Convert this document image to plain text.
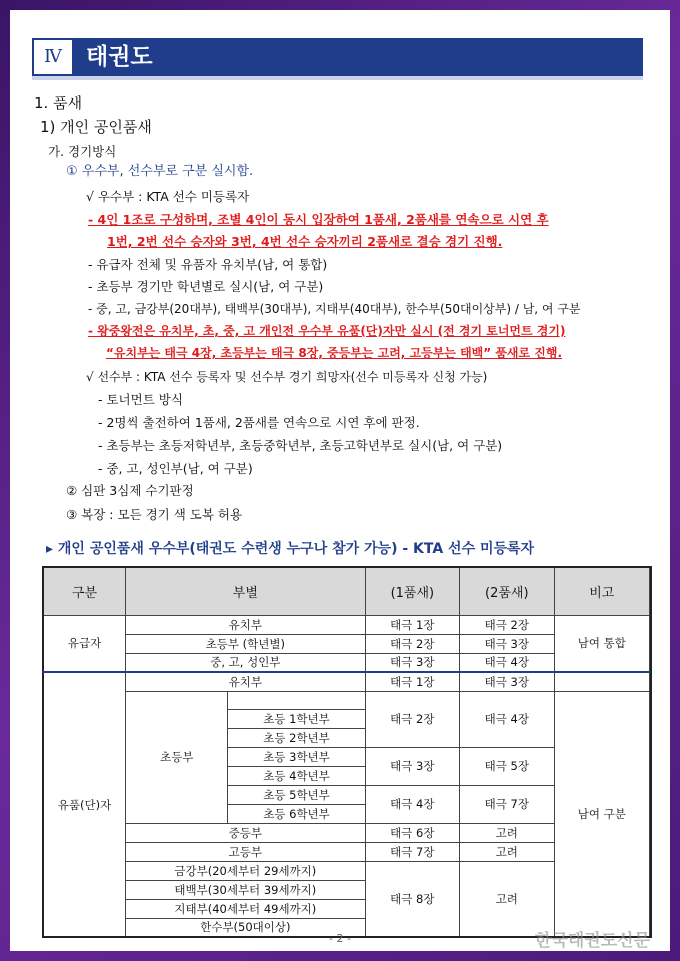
Ⅳ	태권도
1. 품새
1) 개인 공인품새
가. 경기방식
① 우수부, 선수부로 구분 실시함.
√ 우수부 : KTA 선수 미등록자
- 4인 1조로 구성하며, 조별 4인이 동시 입장하여 1품새, 2품새를 연속으로 시연 후
1번, 2번 선수 승자와 3번, 4번 선수 승자끼리 2품새로 결승 경기 진행.
- 유급자 전체 및 유품자 유치부(남, 여 통합)
- 초등부 경기만 학년별로 실시(남, 여 구분)
- 중, 고, 금강부(20대부), 태백부(30대부), 지태부(40대부), 한수부(50대이상부) / 남, 여 구분
- 왕중왕전은 유치부, 초, 중, 고 개인전 우수부 유품(단)자만 실시 (전 경기 토너먼트 경기)
“유치부는 태극 4장, 초등부는 태극 8장, 중등부는 고려, 고등부는 태백” 품새로 진행.
√ 선수부 : KTA 선수 등록자 및 선수부 경기 희망자(선수 미등록자 신청 가능)
- 토너먼트 방식
- 2명씩 출전하여 1품새, 2품새를 연속으로 시연 후에 판정.
- 초등부는 초등저학년부, 초등중학년부, 초등고학년부로 실시(남, 여 구분)
- 중, 고, 성인부(남, 여 구분)
② 심판 3심제 수기판정
③ 복장 : 모든 경기 색 도복 허용
▸ 개인 공인품새 우수부(태권도 수련생 누구나 참가 가능) - KTA 선수 미등록자
구분	부별		(1품새)	(2품새)	비고	
유급자	유치부		태극 1장	태극 2장	남여 통합	
	초등부 (학년별)		태극 2장	태극 3장		
	중, 고, 성인부		태극 3장	태극 4장		
유품(단)자	유치부		태극 1장	태극 3장		
	초등부		태극 2장	태극 4장	남여 구분	
		초등 1학년부				
		초등 2학년부				
		초등 3학년부	태극 3장	태극 5장		
		초등 4학년부				
		초등 5학년부	태극 4장	태극 7장		
		초등 6학년부				
	중등부		태극 6장	고려		
	고등부		태극 7장	고려		
	금강부(20세부터 29세까지)		태극 8장	고려		
	태백부(30세부터 39세까지)					
	지태부(40세부터 49세까지)					
	한수부(50대이상)					
- 2 -	한국태권도신문
